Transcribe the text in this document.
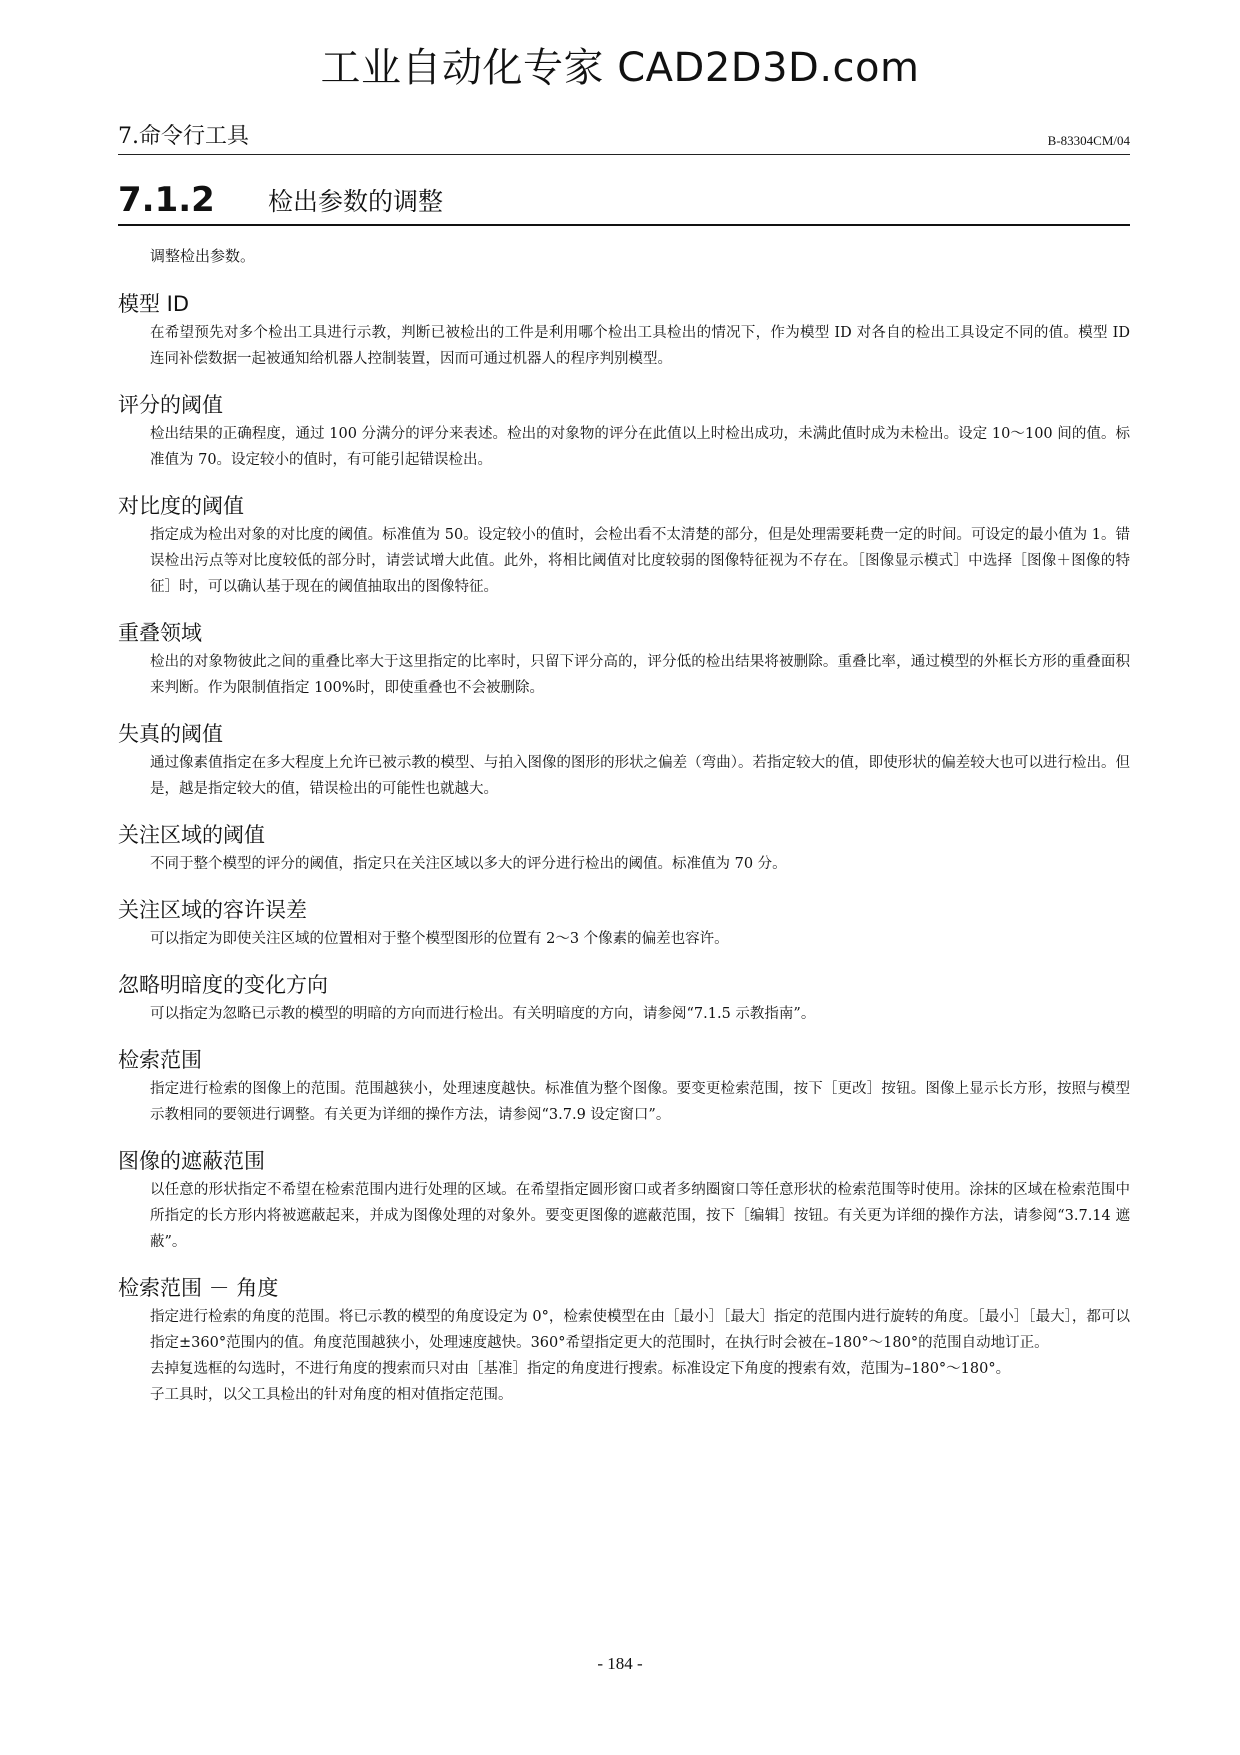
工业自动化专家 CAD2D3D.com
7.命令行工具	B-83304CM/04
7.1.2 检出参数的调整
调整检出参数。
模型 ID

在希望预先对多个检出工具进行示教，判断已被检出的工件是利用哪个检出工具检出的情况下，作为模型 ID 对各自的检出工具设定不同的值。模型 ID 连同补偿数据一起被通知给机器人控制装置，因而可通过机器人的程序判别模型。

评分的阈值

检出结果的正确程度，通过 100 分满分的评分来表述。检出的对象物的评分在此值以上时检出成功，未满此值时成为未检出。设定 10～100 间的值。标准值为 70。设定较小的值时，有可能引起错误检出。

对比度的阈值

指定成为检出对象的对比度的阈值。标准值为 50。设定较小的值时，会检出看不太清楚的部分，但是处理需要耗费一定的时间。可设定的最小值为 1。错误检出污点等对比度较低的部分时，请尝试增大此值。此外，将相比阈值对比度较弱的图像特征视为不存在。［图像显示模式］中选择［图像＋图像的特征］时，可以确认基于现在的阈值抽取出的图像特征。

重叠领域

检出的对象物彼此之间的重叠比率大于这里指定的比率时，只留下评分高的，评分低的检出结果将被删除。重叠比率，通过模型的外框长方形的重叠面积来判断。作为限制值指定 100%时，即使重叠也不会被删除。

失真的阈值

通过像素值指定在多大程度上允许已被示教的模型、与拍入图像的图形的形状之偏差（弯曲）。若指定较大的值，即使形状的偏差较大也可以进行检出。但是，越是指定较大的值，错误检出的可能性也就越大。

关注区域的阈值

不同于整个模型的评分的阈值，指定只在关注区域以多大的评分进行检出的阈值。标准值为 70 分。

关注区域的容许误差

可以指定为即使关注区域的位置相对于整个模型图形的位置有 2～3 个像素的偏差也容许。

忽略明暗度的变化方向

可以指定为忽略已示教的模型的明暗的方向而进行检出。有关明暗度的方向，请参阅“7.1.5 示教指南”。

检索范围

指定进行检索的图像上的范围。范围越狭小，处理速度越快。标准值为整个图像。要变更检索范围，按下［更改］按钮。图像上显示长方形，按照与模型示教相同的要领进行调整。有关更为详细的操作方法，请参阅“3.7.9 设定窗口”。

图像的遮蔽范围

以任意的形状指定不希望在检索范围内进行处理的区域。在希望指定圆形窗口或者多纳圈窗口等任意形状的检索范围等时使用。涂抹的区域在检索范围中所指定的长方形内将被遮蔽起来，并成为图像处理的对象外。要变更图像的遮蔽范围，按下［编辑］按钮。有关更为详细的操作方法，请参阅“3.7.14 遮蔽”。

检索范围 － 角度

指定进行检索的角度的范围。将已示教的模型的角度设定为 0°，检索使模型在由［最小］［最大］指定的范围内进行旋转的角度。［最小］［最大］，都可以指定±360°范围内的值。角度范围越狭小，处理速度越快。360°希望指定更大的范围时，在执行时会被在–180°～180°的范围自动地订正。

去掉复选框的勾选时，不进行角度的搜索而只对由［基准］指定的角度进行搜索。标准设定下角度的搜索有效，范围为–180°～180°。

子工具时，以父工具检出的针对角度的相对值指定范围。

- 184 -
